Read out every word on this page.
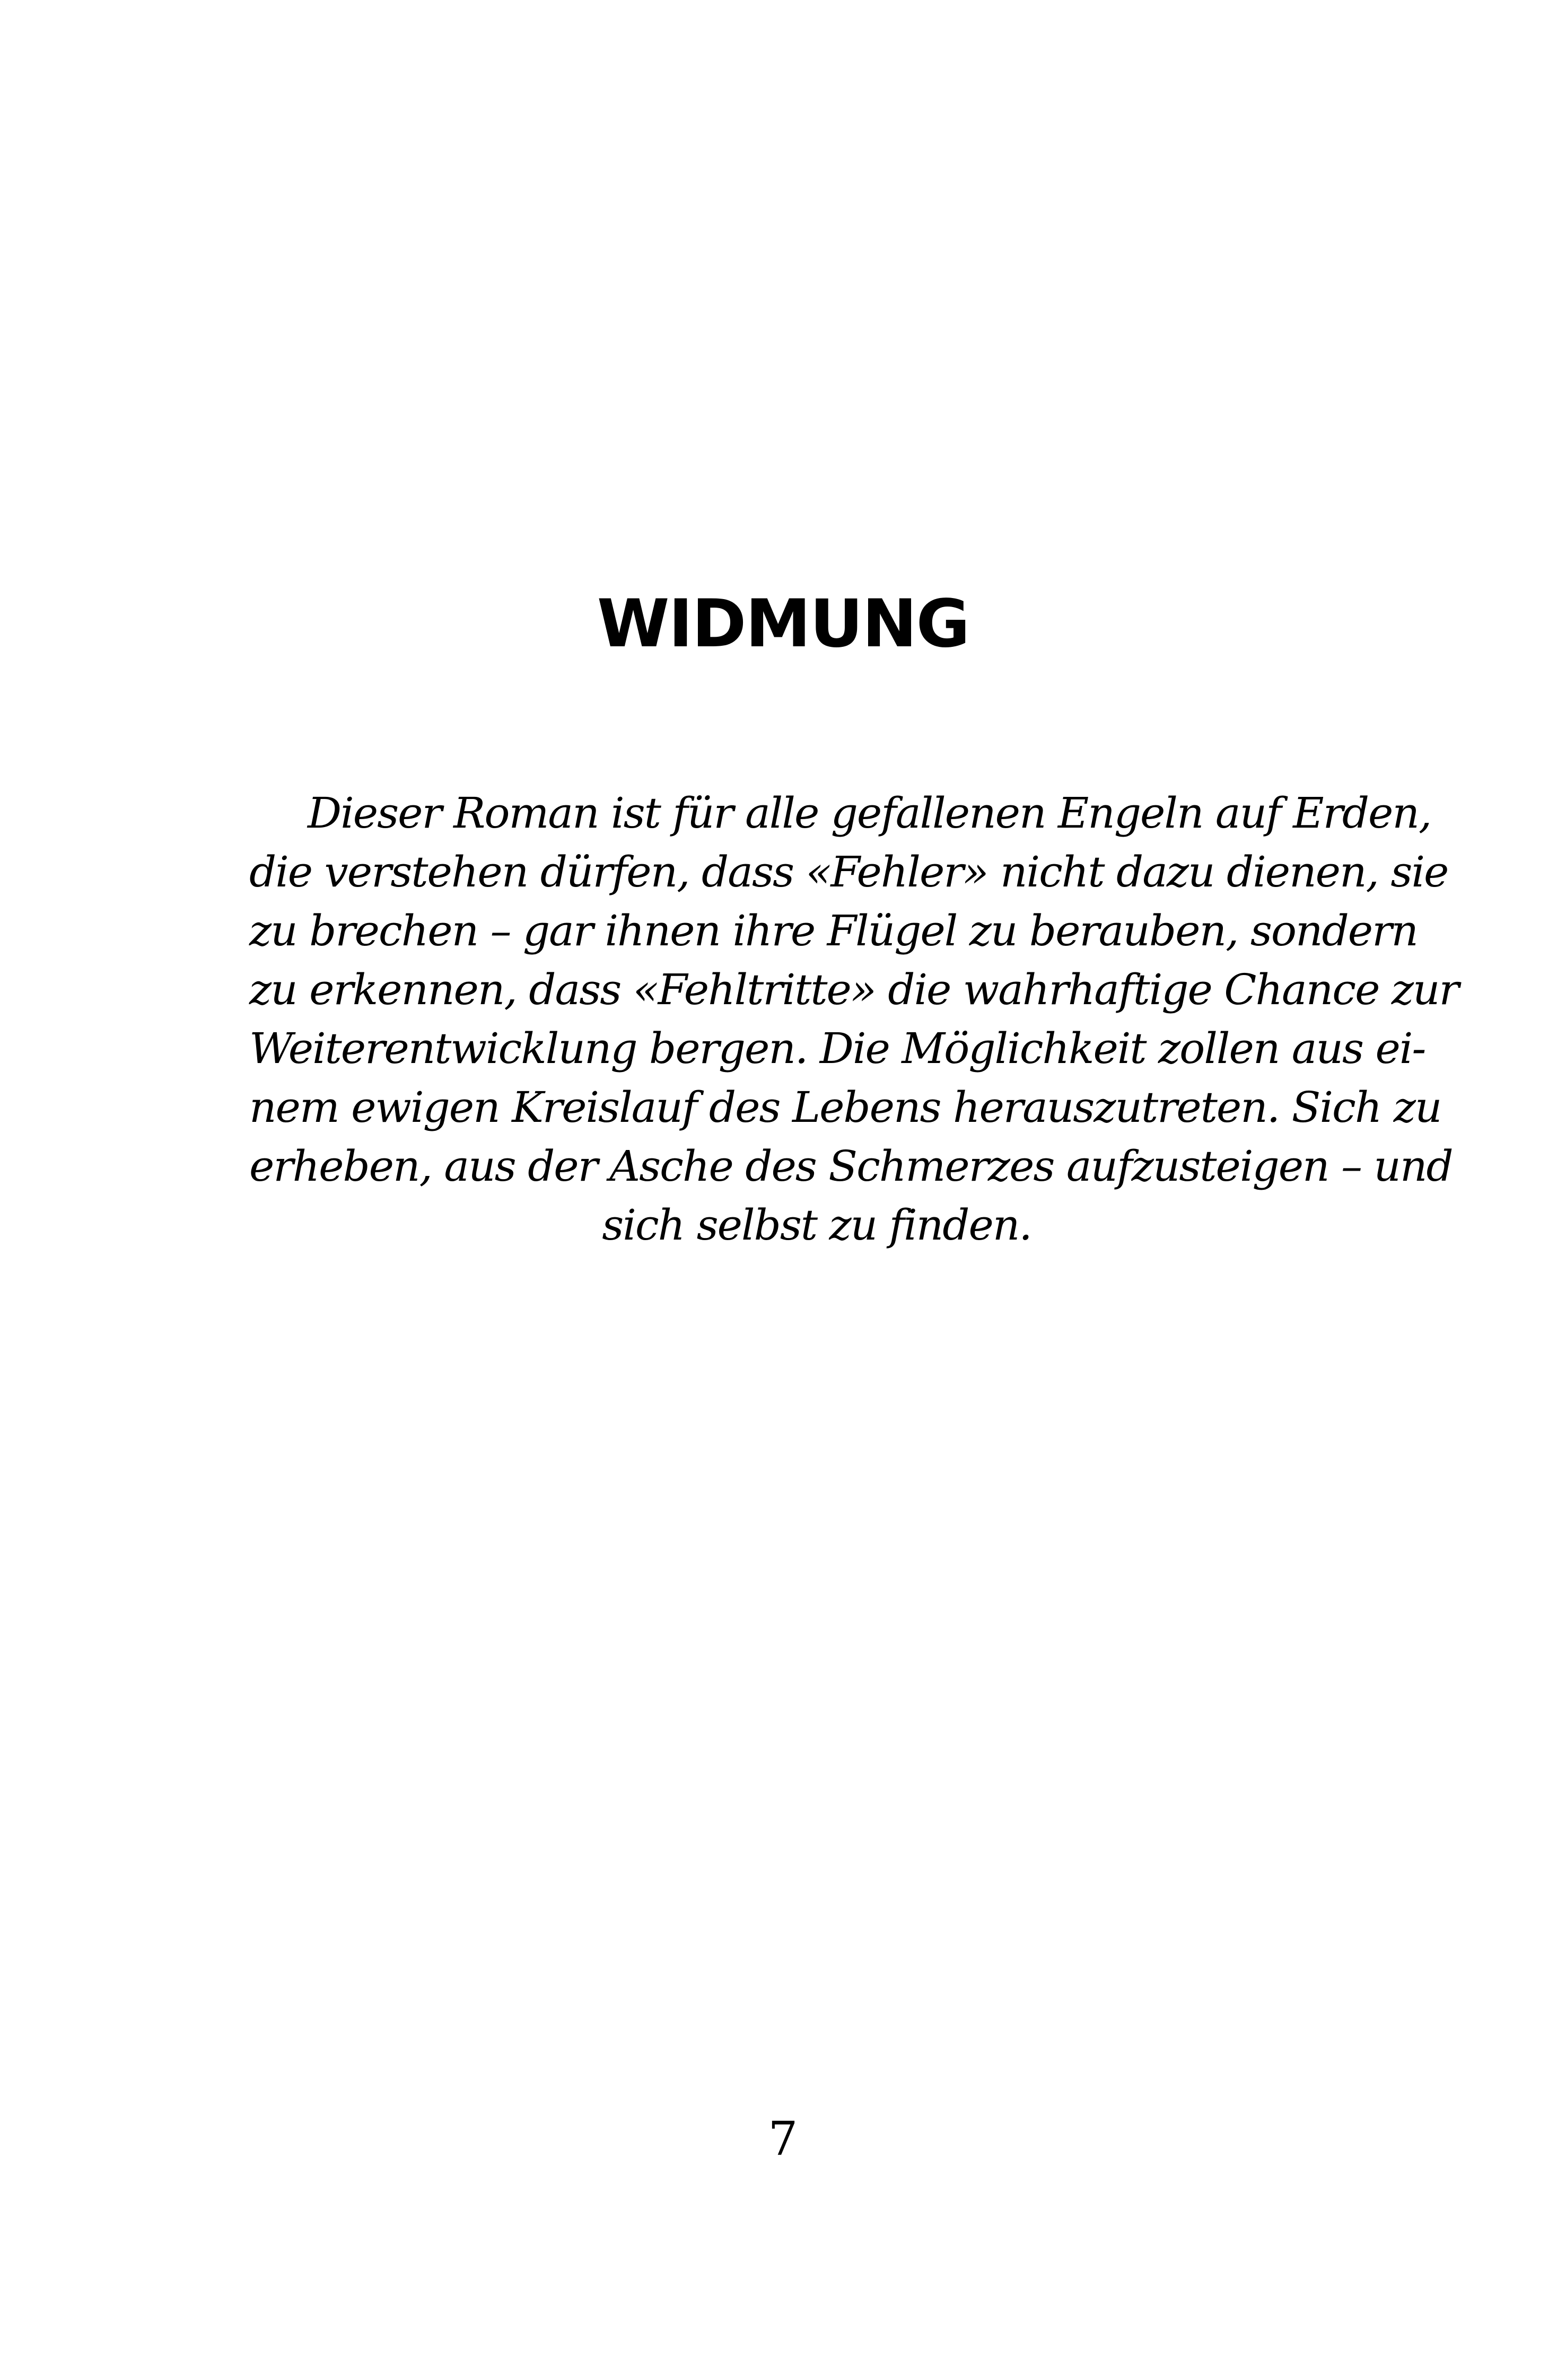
WIDMUNG

Dieser Roman ist für alle gefallenen Engeln auf Erden,
die verstehen dürfen, dass «Fehler» nicht dazu dienen, sie
zu brechen – gar ihnen ihre Flügel zu berauben, sondern
zu erkennen, dass «Fehltritte» die wahrhaftige Chance zur
Weiterentwicklung bergen. Die Möglichkeit zollen aus ei-
nem ewigen Kreislauf des Lebens herauszutreten. Sich zu
erheben, aus der Asche des Schmerzes aufzusteigen – und
sich selbst zu finden.

7
